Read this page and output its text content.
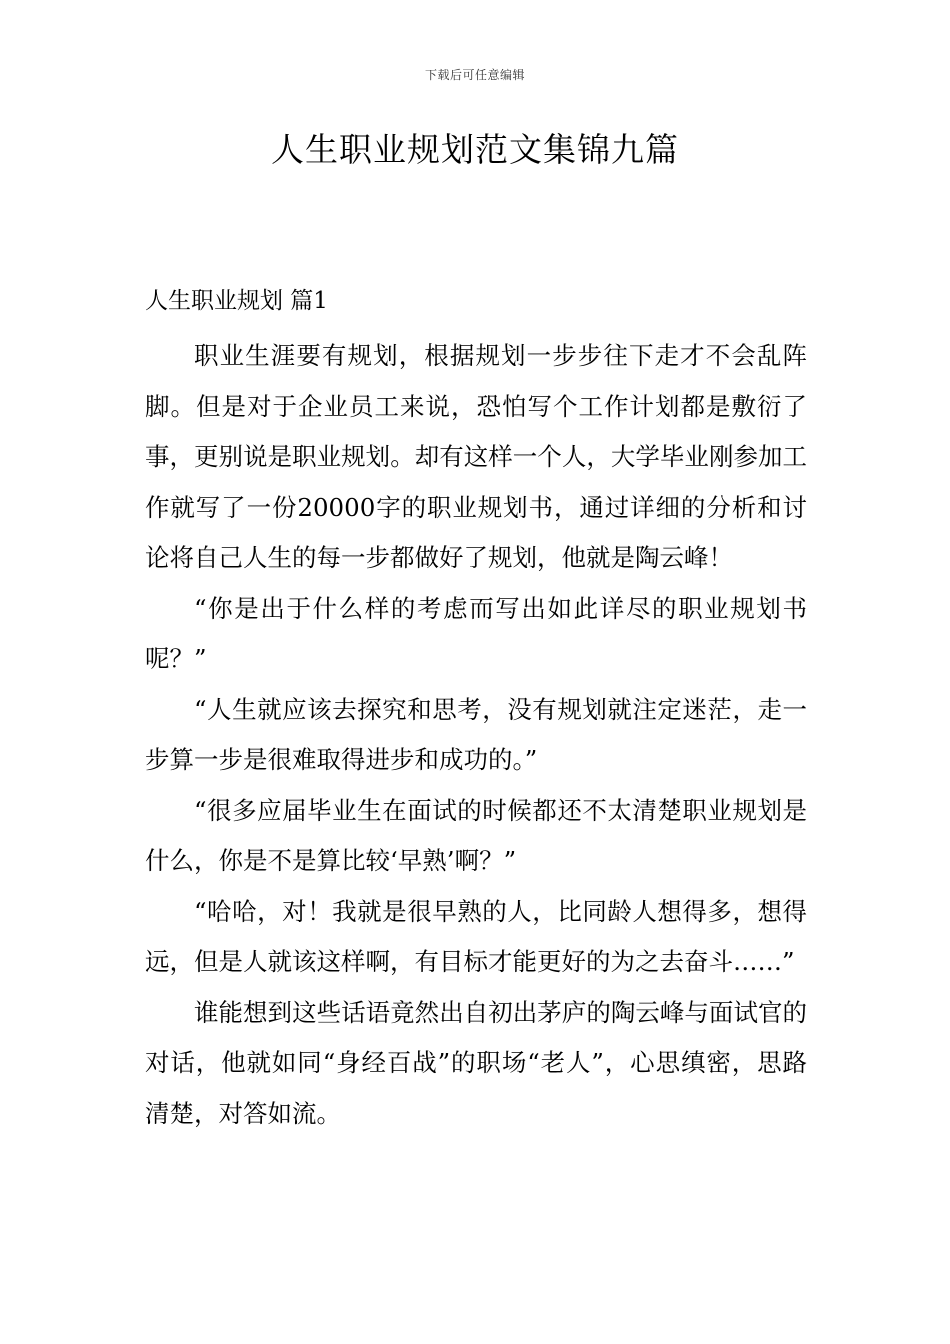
下载后可任意编辑
人生职业规划范文集锦九篇
人生职业规划 篇1

职业生涯要有规划，根据规划一步步往下走才不会乱阵脚。但是对于企业员工来说，恐怕写个工作计划都是敷衍了事，更别说是职业规划。却有这样一个人，大学毕业刚参加工作就写了一份20000字的职业规划书，通过详细的分析和讨论将自己人生的每一步都做好了规划，他就是陶云峰！

“你是出于什么样的考虑而写出如此详尽的职业规划书呢？”

“人生就应该去探究和思考，没有规划就注定迷茫，走一步算一步是很难取得进步和成功的。”

“很多应届毕业生在面试的时候都还不太清楚职业规划是什么，你是不是算比较‘早熟’啊？”

“哈哈，对！我就是很早熟的人，比同龄人想得多，想得远，但是人就该这样啊，有目标才能更好的为之去奋斗……”

谁能想到这些话语竟然出自初出茅庐的陶云峰与面试官的对话，他就如同“身经百战”的职场“老人”，心思缜密，思路清楚，对答如流。
